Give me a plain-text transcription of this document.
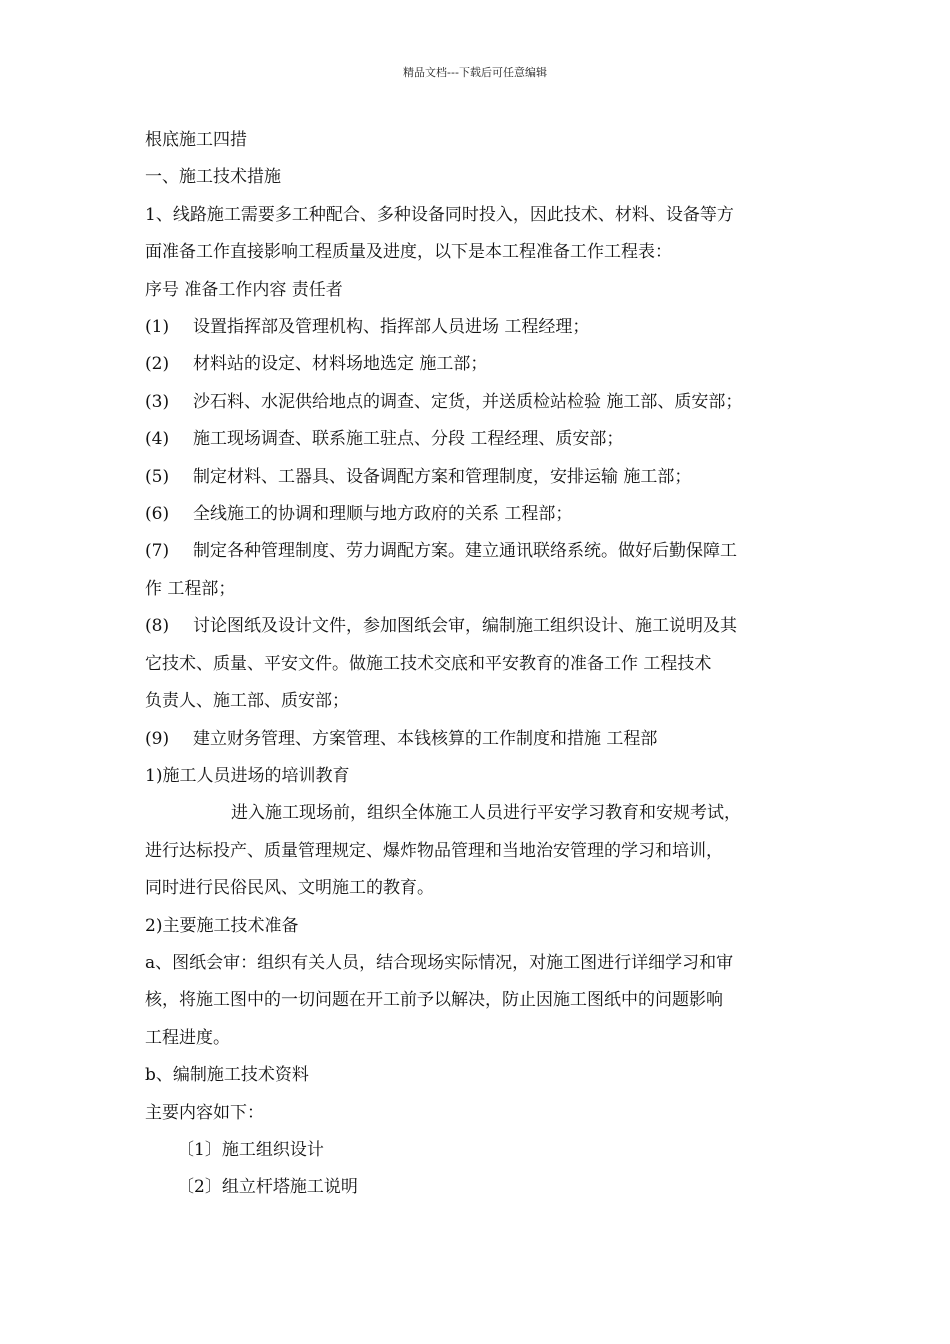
精品文档---下载后可任意编辑
根底施工四措
一、施工技术措施
1、线路施工需要多工种配合、多种设备同时投入，因此技术、材料、设备等方
面准备工作直接影响工程质量及进度，以下是本工程准备工作工程表：
序号 准备工作内容 责任者
(1) 设置指挥部及管理机构、指挥部人员进场 工程经理；
(2) 材料站的设定、材料场地选定 施工部；
(3) 沙石料、水泥供给地点的调查、定货，并送质检站检验 施工部、质安部；
(4) 施工现场调查、联系施工驻点、分段 工程经理、质安部；
(5) 制定材料、工器具、设备调配方案和管理制度，安排运输 施工部；
(6) 全线施工的协调和理顺与地方政府的关系 工程部；
(7) 制定各种管理制度、劳力调配方案。建立通讯联络系统。做好后勤保障工
作 工程部；
(8) 讨论图纸及设计文件，参加图纸会审，编制施工组织设计、施工说明及其
它技术、质量、平安文件。做施工技术交底和平安教育的准备工作 工程技术
负责人、施工部、质安部；
(9) 建立财务管理、方案管理、本钱核算的工作制度和措施 工程部
1)施工人员进场的培训教育
进入施工现场前，组织全体施工人员进行平安学习教育和安规考试，
进行达标投产、质量管理规定、爆炸物品管理和当地治安管理的学习和培训，
同时进行民俗民风、文明施工的教育。
2)主要施工技术准备
a、图纸会审：组织有关人员，结合现场实际情况，对施工图进行详细学习和审
核，将施工图中的一切问题在开工前予以解决，防止因施工图纸中的问题影响
工程进度。
b、编制施工技术资料
主要内容如下：
〔1〕施工组织设计
〔2〕组立杆塔施工说明
